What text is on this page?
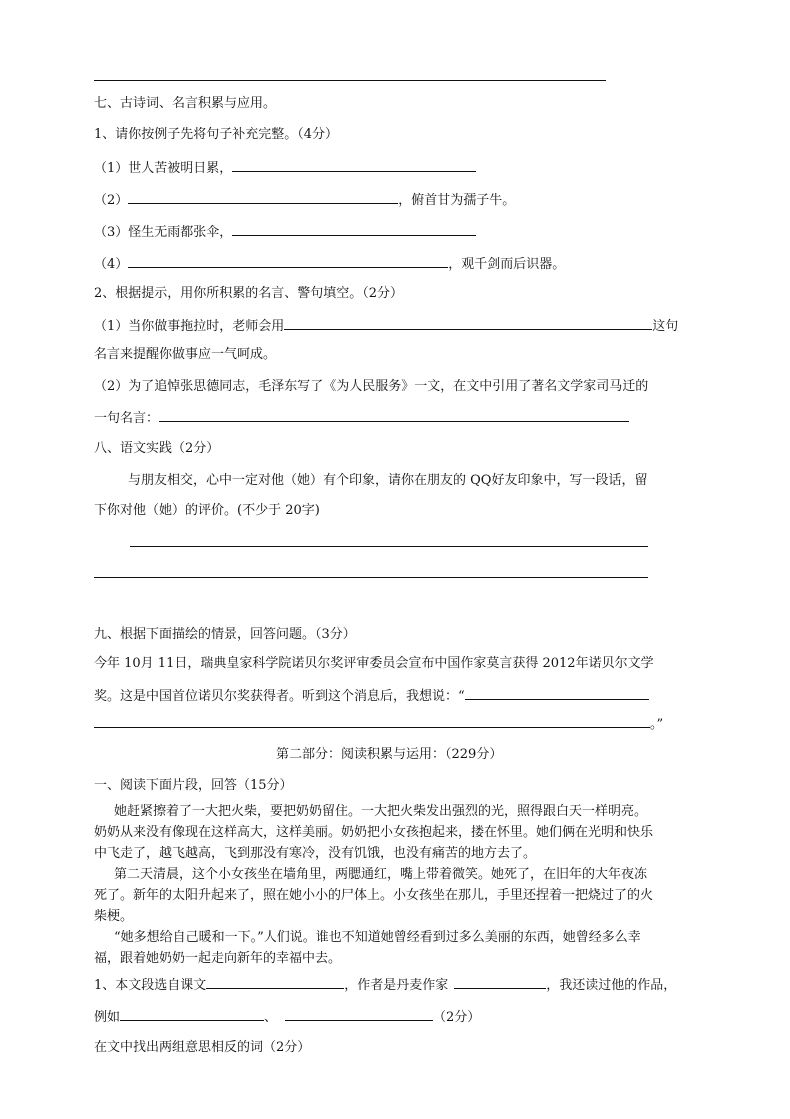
七、古诗词、名言积累与应用。
1、请你按例子先将句子补充完整。（4分）
（1）世人苦被明日累，
（2）	，俯首甘为孺子牛。
（3）怪生无雨都张伞，
（4）	，观千剑而后识器。
2、根据提示，用你所积累的名言、警句填空。（2分）
（1）当你做事拖拉时，老师会用	这句
名言来提醒你做事应一气呵成。
（2）为了追悼张思德同志，毛泽东写了《为人民服务》一文，在文中引用了著名文学家司马迁的
一句名言：
八、语文实践（2分）
与朋友相交，心中一定对他（她）有个印象，请你在朋友的 QQ好友印象中，写一段话，留
下你对他（她）的评价。(不少于 20字)
九、根据下面描绘的情景，回答问题。（3分）
今年 10月 11日，瑞典皇家科学院诺贝尔奖评审委员会宣布中国作家莫言获得 2012年诺贝尔文学
奖。这是中国首位诺贝尔奖获得者。听到这个消息后，我想说：“
。”
第二部分：阅读积累与运用：（229分）
一、阅读下面片段，回答（15分）
她赶紧擦着了一大把火柴，要把奶奶留住。一大把火柴发出强烈的光，照得跟白天一样明亮。
奶奶从来没有像现在这样高大，这样美丽。奶奶把小女孩抱起来，搂在怀里。她们俩在光明和快乐
中飞走了，越飞越高，飞到那没有寒冷，没有饥饿，也没有痛苦的地方去了。
第二天清晨，这个小女孩坐在墙角里，两腮通红，嘴上带着微笑。她死了，在旧年的大年夜冻
死了。新年的太阳升起来了，照在她小小的尸体上。小女孩坐在那儿，手里还捏着一把烧过了的火
柴梗。
“她多想给自己暖和一下。”人们说。谁也不知道她曾经看到过多么美丽的东西，她曾经多么幸
福，跟着她奶奶一起走向新年的幸福中去。
1、本文段选自课文	，作者是丹麦作家	，我还读过他的作品，
例如	、	（2分）
在文中找出两组意思相反的词（2分）
